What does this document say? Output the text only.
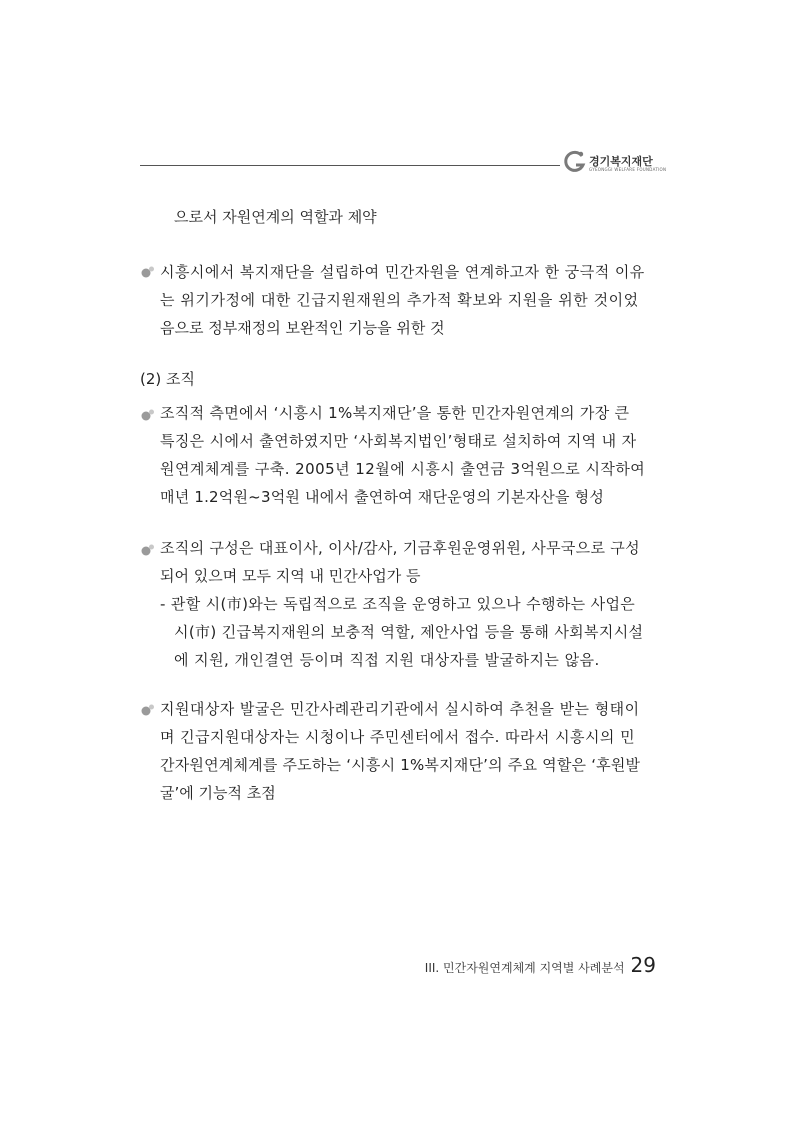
경기복지재단
GYEONGGI WELFARE FOUNDATION
으로서 자원연계의 역할과 제약
시흥시에서 복지재단을 설립하여 민간자원을 연계하고자 한 궁극적 이유
는 위기가정에 대한 긴급지원재원의 추가적 확보와 지원을 위한 것이었
음으로 정부재정의 보완적인 기능을 위한 것
(2) 조직
조직적 측면에서 ‘시흥시 1%복지재단’을 통한 민간자원연계의 가장 큰
특징은 시에서 출연하였지만 ‘사회복지법인’형태로 설치하여 지역 내 자
원연계체계를 구축. 2005년 12월에 시흥시 출연금 3억원으로 시작하여
매년 1.2억원~3억원 내에서 출연하여 재단운영의 기본자산을 형성
조직의 구성은 대표이사, 이사/감사, 기금후원운영위원, 사무국으로 구성
되어 있으며 모두 지역 내 민간사업가 등
- 관할 시(市)와는 독립적으로 조직을 운영하고 있으나 수행하는 사업은
시(市) 긴급복지재원의 보충적 역할, 제안사업 등을 통해 사회복지시설
에 지원, 개인결연 등이며 직접 지원 대상자를 발굴하지는 않음.
지원대상자 발굴은 민간사례관리기관에서 실시하여 추천을 받는 형태이
며 긴급지원대상자는 시청이나 주민센터에서 접수. 따라서 시흥시의 민
간자원연계체계를 주도하는 ‘시흥시 1%복지재단’의 주요 역할은 ‘후원발
굴’에 기능적 초점
III. 민간자원연계체계 지역별 사례분석 29
